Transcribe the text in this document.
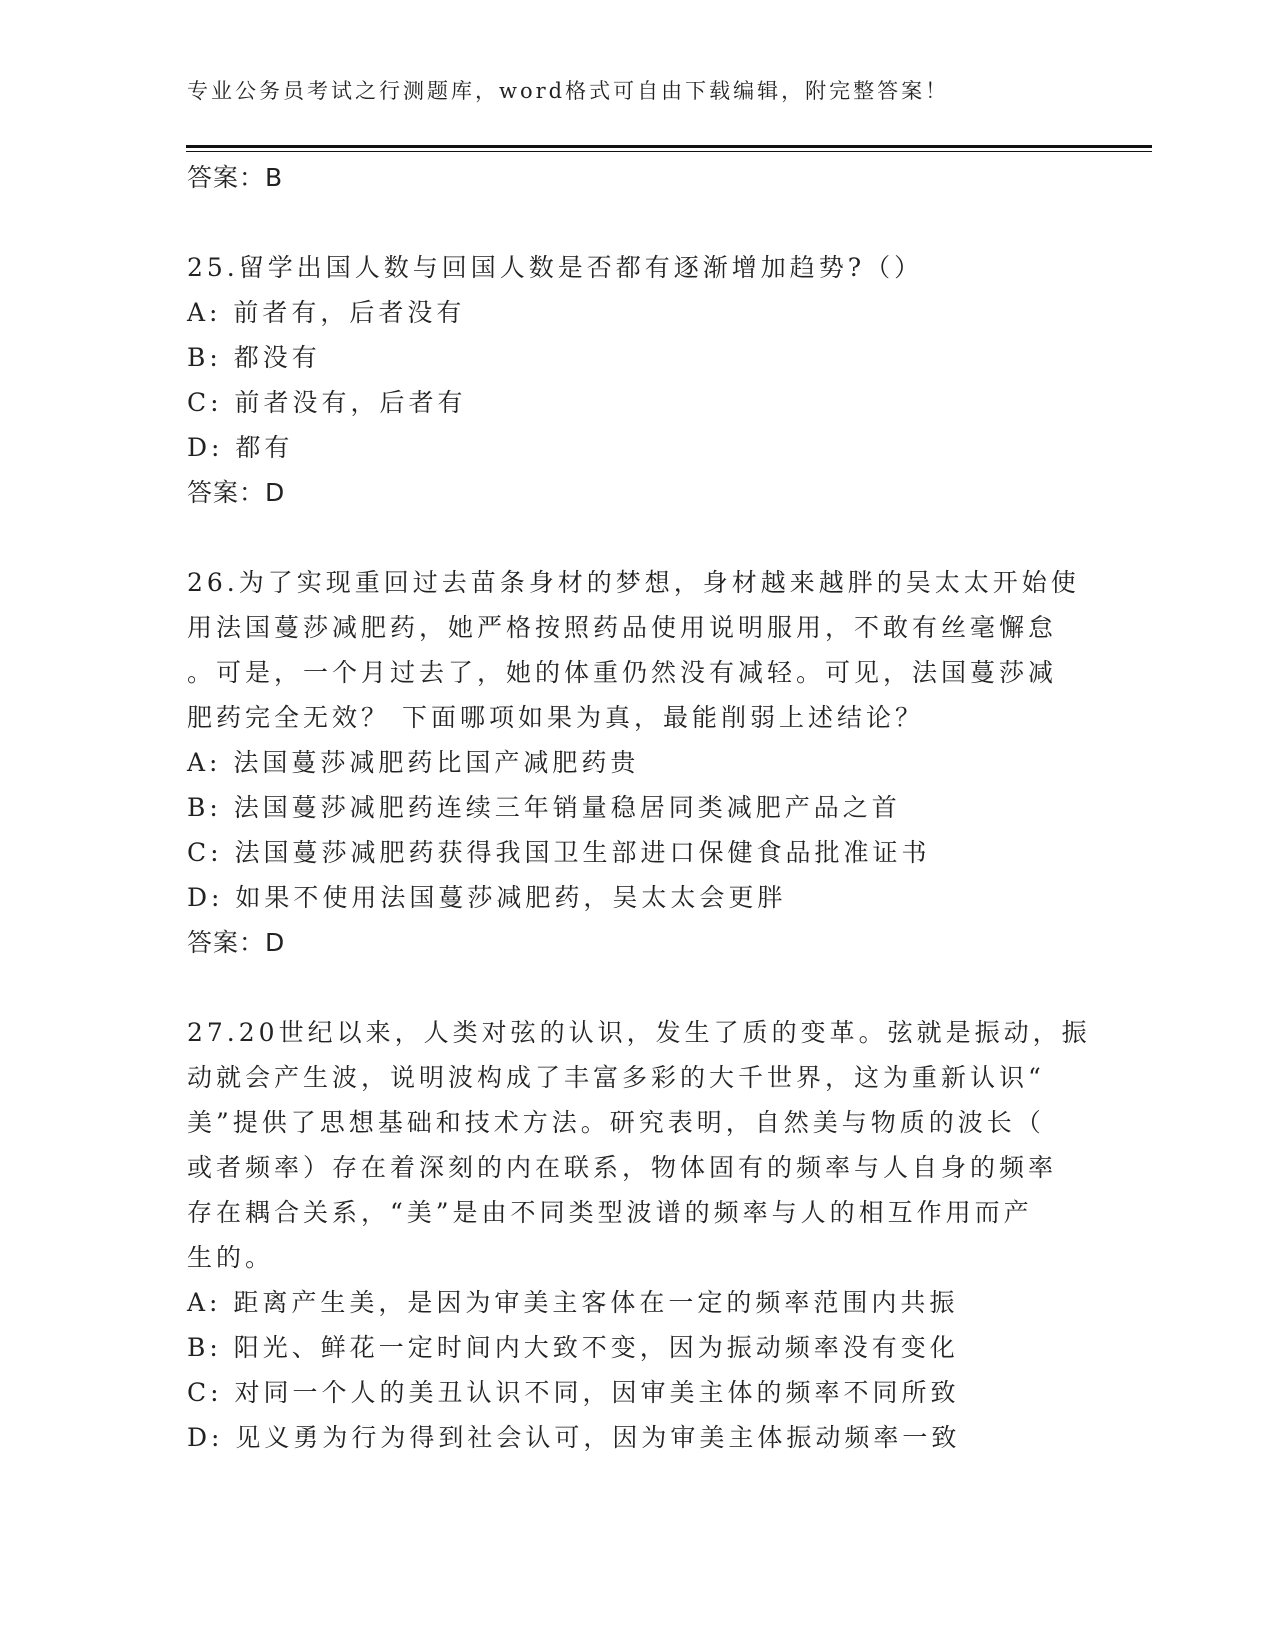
专业公务员考试之行测题库，word格式可自由下载编辑，附完整答案！
答案：B
25.留学出国人数与回国人数是否都有逐渐增加趋势?（）
A: 前者有，后者没有
B: 都没有
C: 前者没有，后者有
D: 都有
答案：D
26.为了实现重回过去苗条身材的梦想，身材越来越胖的吴太太开始使
用法国蔓莎减肥药，她严格按照药品使用说明服用，不敢有丝毫懈怠
。可是，一个月过去了，她的体重仍然没有减轻。可见，法国蔓莎减
肥药完全无效？ 下面哪项如果为真，最能削弱上述结论？
A: 法国蔓莎减肥药比国产减肥药贵
B: 法国蔓莎减肥药连续三年销量稳居同类减肥产品之首
C: 法国蔓莎减肥药获得我国卫生部进口保健食品批准证书
D: 如果不使用法国蔓莎减肥药，吴太太会更胖
答案：D
27.20世纪以来，人类对弦的认识，发生了质的变革。弦就是振动，振
动就会产生波，说明波构成了丰富多彩的大千世界，这为重新认识“
美”提供了思想基础和技术方法。研究表明，自然美与物质的波长（
或者频率）存在着深刻的内在联系，物体固有的频率与人自身的频率
存在耦合关系，“美”是由不同类型波谱的频率与人的相互作用而产
生的。
A: 距离产生美，是因为审美主客体在一定的频率范围内共振
B: 阳光、鲜花一定时间内大致不变，因为振动频率没有变化
C: 对同一个人的美丑认识不同，因审美主体的频率不同所致
D: 见义勇为行为得到社会认可，因为审美主体振动频率一致
